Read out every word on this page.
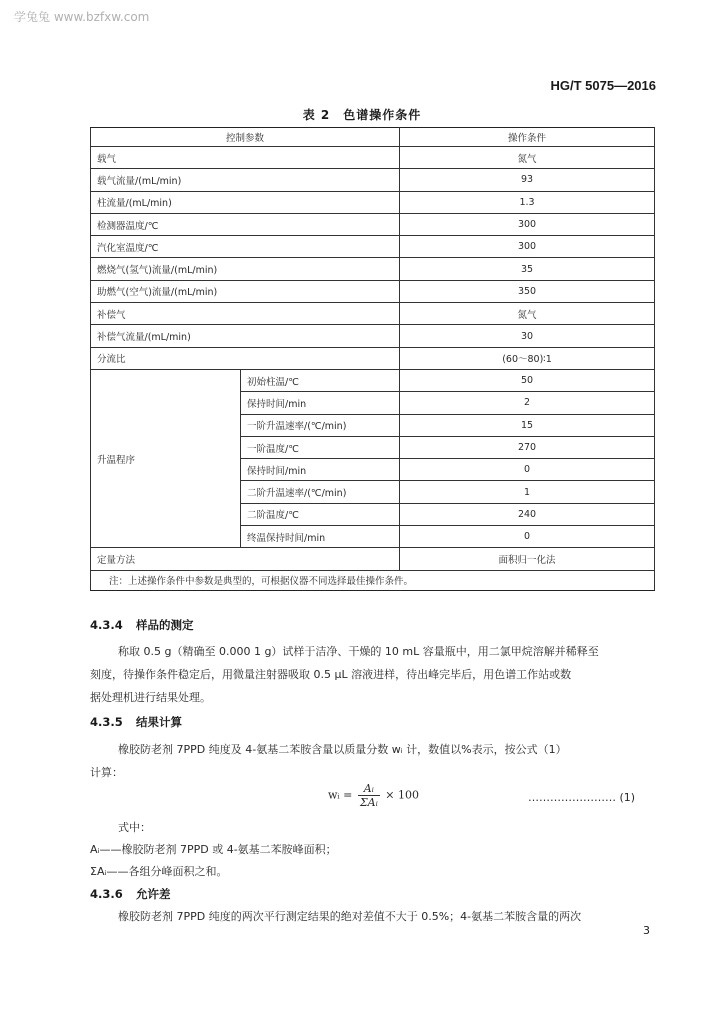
学兔兔 www.bzfxw.com
HG/T 5075—2016
表 2　色谱操作条件
控制参数		操作条件
载气		氮气
载气流量/(mL/min)		93
柱流量/(mL/min)		1.3
检测器温度/℃		300
汽化室温度/℃		300
燃烧气(氢气)流量/(mL/min)		35
助燃气(空气)流量/(mL/min)		350
补偿气		氮气
补偿气流量/(mL/min)		30
分流比		(60～80)∶1
升温程序	初始柱温/℃	50
	保持时间/min	2
	一阶升温速率/(℃/min)	15
	一阶温度/℃	270
	保持时间/min	0
	二阶升温速率/(℃/min)	1
	二阶温度/℃	240
	终温保持时间/min	0
定量方法		面积归一化法
注：上述操作条件中参数是典型的，可根据仪器不同选择最佳操作条件。		
4.3.4 样品的测定
称取 0.5 g（精确至 0.000 1 g）试样于洁净、干燥的 10 mL 容量瓶中，用二氯甲烷溶解并稀释至
刻度，待操作条件稳定后，用微量注射器吸取 0.5 μL 溶液进样，待出峰完毕后，用色谱工作站或数
据处理机进行结果处理。
4.3.5 结果计算
橡胶防老剂 7PPD 纯度及 4-氨基二苯胺含量以质量分数 wᵢ 计，数值以%表示，按公式（1）
计算：
wᵢ = $\frac{\text{Aᵢ}}{\text{ΣAᵢ}} \times 100$	…………………… (1)
式中：
Aᵢ——橡胶防老剂 7PPD 或 4-氨基二苯胺峰面积；
ΣAᵢ——各组分峰面积之和。
4.3.6 允许差
橡胶防老剂 7PPD 纯度的两次平行测定结果的绝对差值不大于 0.5%；4-氨基二苯胺含量的两次
3
